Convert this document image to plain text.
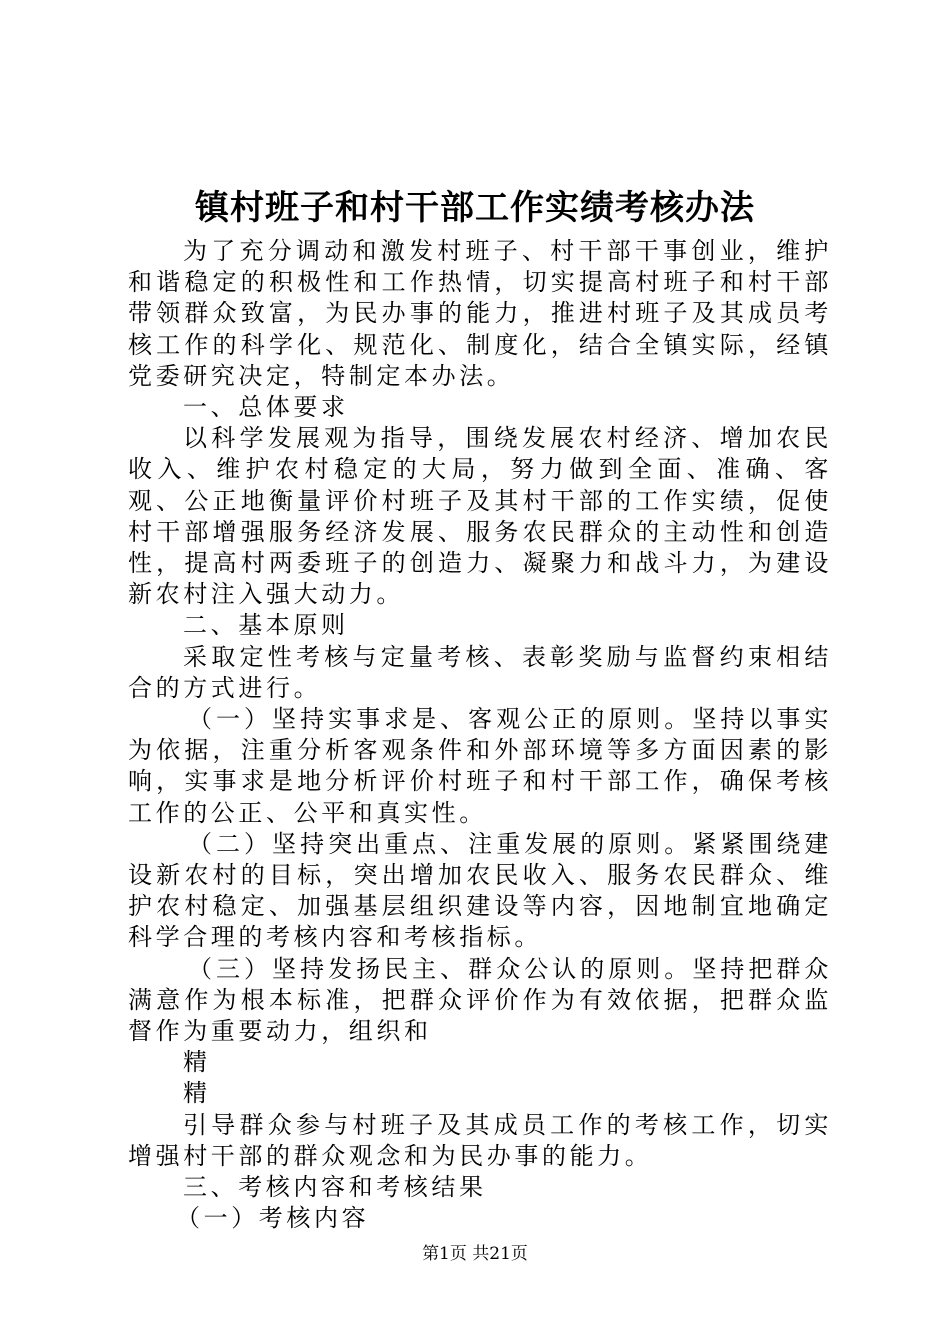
镇村班子和村干部工作实绩考核办法

为了充分调动和激发村班子、村干部干事创业，维护和谐稳定的积极性和工作热情，切实提高村班子和村干部带领群众致富，为民办事的能力，推进村班子及其成员考核工作的科学化、规范化、制度化，结合全镇实际，经镇党委研究决定，特制定本办法。

一、总体要求

以科学发展观为指导，围绕发展农村经济、增加农民收入、维护农村稳定的大局，努力做到全面、准确、客观、公正地衡量评价村班子及其村干部的工作实绩，促使村干部增强服务经济发展、服务农民群众的主动性和创造性，提高村两委班子的创造力、凝聚力和战斗力，为建设新农村注入强大动力。

二、基本原则

采取定性考核与定量考核、表彰奖励与监督约束相结合的方式进行。

（一）坚持实事求是、客观公正的原则。坚持以事实为依据，注重分析客观条件和外部环境等多方面因素的影响，实事求是地分析评价村班子和村干部工作，确保考核工作的公正、公平和真实性。

（二）坚持突出重点、注重发展的原则。紧紧围绕建设新农村的目标，突出增加农民收入、服务农民群众、维护农村稳定、加强基层组织建设等内容，因地制宜地确定科学合理的考核内容和考核指标。

（三）坚持发扬民主、群众公认的原则。坚持把群众满意作为根本标准，把群众评价作为有效依据，把群众监督作为重要动力，组织和

精

精

引导群众参与村班子及其成员工作的考核工作，切实增强村干部的群众观念和为民办事的能力。

三、考核内容和考核结果

（一）考核内容

第1页 共21页
